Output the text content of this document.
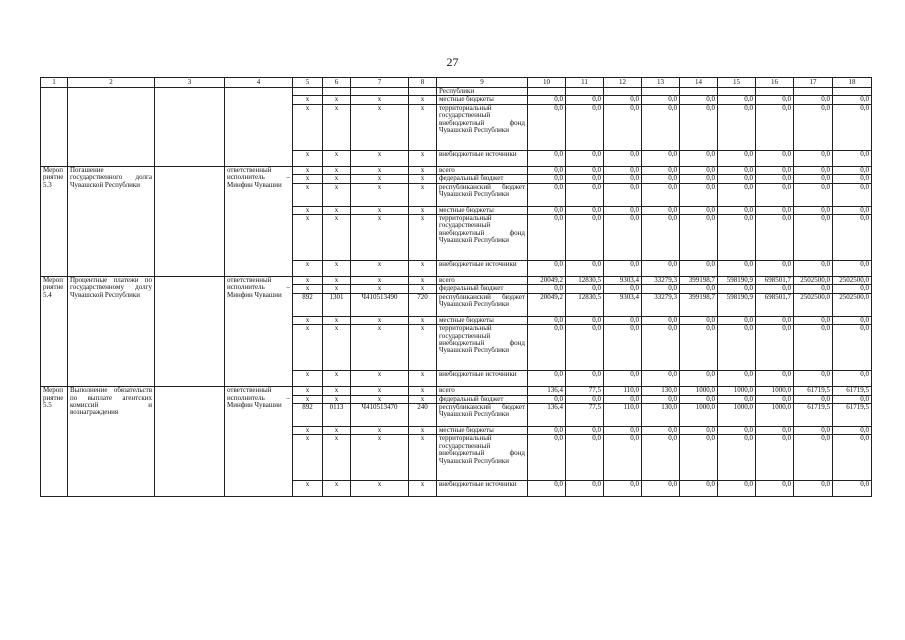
27
1	2	3	4	5	6	7	8	9	10	11	12	13	14	15	16	17	18
								Республики									
				х	х	х	х	местные бюджеты	0,0	0,0	0,0	0,0	0,0	0,0	0,0	0,0	0,0
				х	х	х	х	территориальный государственный внебюджетный фонд Чувашской Республики	0,0	0,0	0,0	0,0	0,0	0,0	0,0	0,0	0,0
				х	х	х	х	внебюджетные источники	0,0	0,0	0,0	0,0	0,0	0,0	0,0	0,0	0,0
Мероприятие 5.3	Погашение государственного долга Чувашской Республики		ответственный исполнитель – Минфин Чувашии	х	х	х	х	всего	0,0	0,0	0,0	0,0	0,0	0,0	0,0	0,0	0,0
				х	х	х	х	федеральный бюджет	0,0	0,0	0,0	0,0	0,0	0,0	0,0	0,0	0,0
				х	х	х	х	республиканский бюджет Чувашской Республики	0,0	0,0	0,0	0,0	0,0	0,0	0,0	0,0	0,0
				х	х	х	х	местные бюджеты	0,0	0,0	0,0	0,0	0,0	0,0	0,0	0,0	0,0
				х	х	х	х	территориальный государственный внебюджетный фонд Чувашской Республики	0,0	0,0	0,0	0,0	0,0	0,0	0,0	0,0	0,0
				х	х	х	х	внебюджетные источники	0,0	0,0	0,0	0,0	0,0	0,0	0,0	0,0	0,0
Мероприятие 5.4	Процентные платежи по государственному долгу Чувашской Республики		ответственный исполнитель – Минфин Чувашии	х	х	х	х	всего	20049,2	12830,5	9303,4	33279,3	399198,7	598190,9	698501,7	2502500,0	2502500,0
				х	х	х	х	федеральный бюджет	0,0	0,0	0,0	0,0	0,0	0,0	0,0	0,0	0,0
				892	1301	Ч410513490	720	республиканский бюджет Чувашской Республики	20049,2	12830,5	9303,4	33279,3	399198,7	598190,9	698501,7	2502500,0	2502500,0
				х	х	х	х	местные бюджеты	0,0	0,0	0,0	0,0	0,0	0,0	0,0	0,0	0,0
				х	х	х	х	территориальный государственный внебюджетный фонд Чувашской Республики	0,0	0,0	0,0	0,0	0,0	0,0	0,0	0,0	0,0
				х	х	х	х	внебюджетные источники	0,0	0,0	0,0	0,0	0,0	0,0	0,0	0,0	0,0
Мероприятие 5.5	Выполнение обязательств по выплате агентских комиссий и вознаграждения		ответственный исполнитель – Минфин Чувашии	х	х	х	х	всего	136,4	77,5	110,0	130,0	1000,0	1000,0	1000,0	61719,5	61719,5
				х	х	х	х	федеральный бюджет	0,0	0,0	0,0	0,0	0,0	0,0	0,0	0,0	0,0
				892	0113	Ч410513470	240	республиканский бюджет Чувашской Республики	136,4	77,5	110,0	130,0	1000,0	1000,0	1000,0	61719,5	61719,5
				х	х	х	х	местные бюджеты	0,0	0,0	0,0	0,0	0,0	0,0	0,0	0,0	0,0
				х	х	х	х	территориальный государственный внебюджетный фонд Чувашской Республики	0,0	0,0	0,0	0,0	0,0	0,0	0,0	0,0	0,0
				х	х	х	х	внебюджетные источники	0,0	0,0	0,0	0,0	0,0	0,0	0,0	0,0	0,0
